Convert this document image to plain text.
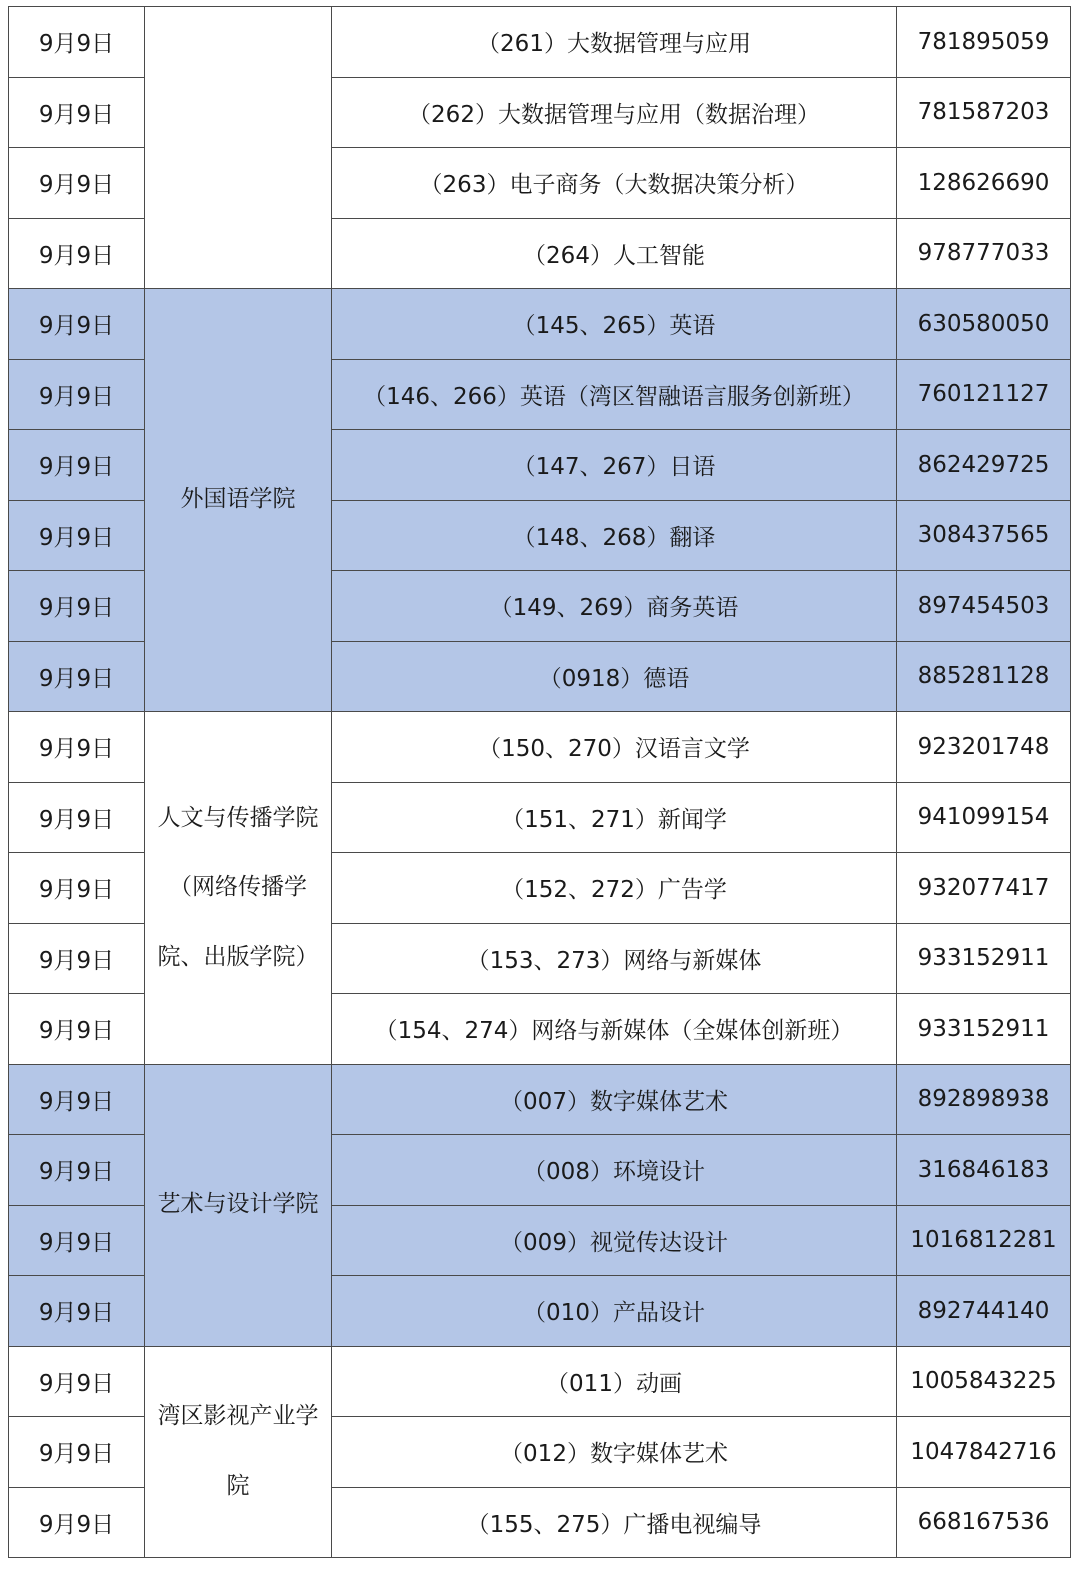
9月9日		（261）大数据管理与应用	781895059
9月9日		（262）大数据管理与应用（数据治理）	781587203
9月9日		（263）电子商务（大数据决策分析）	128626690
9月9日		（264）人工智能	978777033
9月9日	外国语学院	（145、265）英语	630580050
9月9日		（146、266）英语（湾区智融语言服务创新班）	760121127
9月9日		（147、267）日语	862429725
9月9日		（148、268）翻译	308437565
9月9日		（149、269）商务英语	897454503
9月9日		（0918）德语	885281128
9月9日	人文与传播学院（网络传播学院、出版学院）	（150、270）汉语言文学	923201748
9月9日		（151、271）新闻学	941099154
9月9日		（152、272）广告学	932077417
9月9日		（153、273）网络与新媒体	933152911
9月9日		（154、274）网络与新媒体（全媒体创新班）	933152911
9月9日	艺术与设计学院	（007）数字媒体艺术	892898938
9月9日		（008）环境设计	316846183
9月9日		（009）视觉传达设计	1016812281
9月9日		（010）产品设计	892744140
9月9日	湾区影视产业学院	（011）动画	1005843225
9月9日		（012）数字媒体艺术	1047842716
9月9日		（155、275）广播电视编导	668167536
